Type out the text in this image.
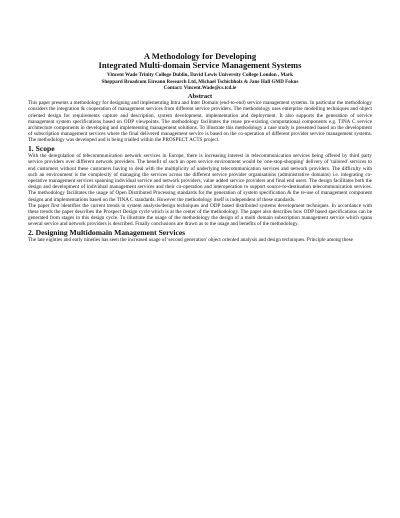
A Methodology for Developing
Integrated Multi-domain Service Management Systems
Vincent Wade Trinity College Dublin, David Lewis University College London , Mark
Sheppard Broadcom Eireann Research Ltd, Michael Tschichholz & Jane Hall GMD Fokus
Contact: Vincent.Wade@cs.tcd.ie
Abstract

This paper presents a methodology for designing and implementing Intra and Inter Domain (end-to-end) service management systems. In particular the methodology considers the integration & cooperation of management services from different service providers. The methodology uses enterprise modelling techniques and object oriented design for requirements capture and description, system development, implementation and deployment. It also supports the generation of service management system specifications based on ODP viewpoints. The methodology facilitates the reuse pre-existing computational components e.g. TINA C service architecture components in developing and implementing management solutions. To illustrate this methodology a case study is presented based on the development of subscription management services where the final delivered management service is based on the co-operation of different provider service management systems. The methodology was developed and is being trialled within the PROSPECT ACTS project.

1. Scope

With the deregulation of telecommunication network services in Europe, there is increasing interest in telecommunication services being offered by third party service providers over different network providers. The benefit of such an open service environment would be 'one-stop-shopping' delivery of 'tailored' services to end customers without these customers having to deal with the multiplicity of underlying telecommunication services and network providers. The difficulty with such an environment is the complexity of managing the services across the different service provider organisations (administrative domains) i.e. integrating co-operative management services spanning individual service and network providers, value added service providers and final end users. The design facilitates both the design and development of individual management services and their co-operation and interoperation to support source-to-destination telecommunication services. The methodology facilitates the usage of Open Distributed Processing standards for the generation of system specification & the re-use of management component designs and implementations based on the TINA C standards. However the methodology itself is independent of these standards.

The paper first identifies the current trends in system analysis/design techniques and ODP based distributed systems development techniques. In accordance with these trends the paper describes the Prospect Design cycle which is at the center of the methodology. The paper also describes how ODP based specifications can be generated from stages in this design cycle. To illustrate the usage of the methodology the design of a multi domain subscription management service which spans several service and network providers is described. Finally conclusions are drawn as to the usage and benefits of the methodology.

2. Designing Multidomain Management Services

The late eighties and early nineties has seen the increased usage of 'second generation' object oriented analysis and design techniques. Principle among these
